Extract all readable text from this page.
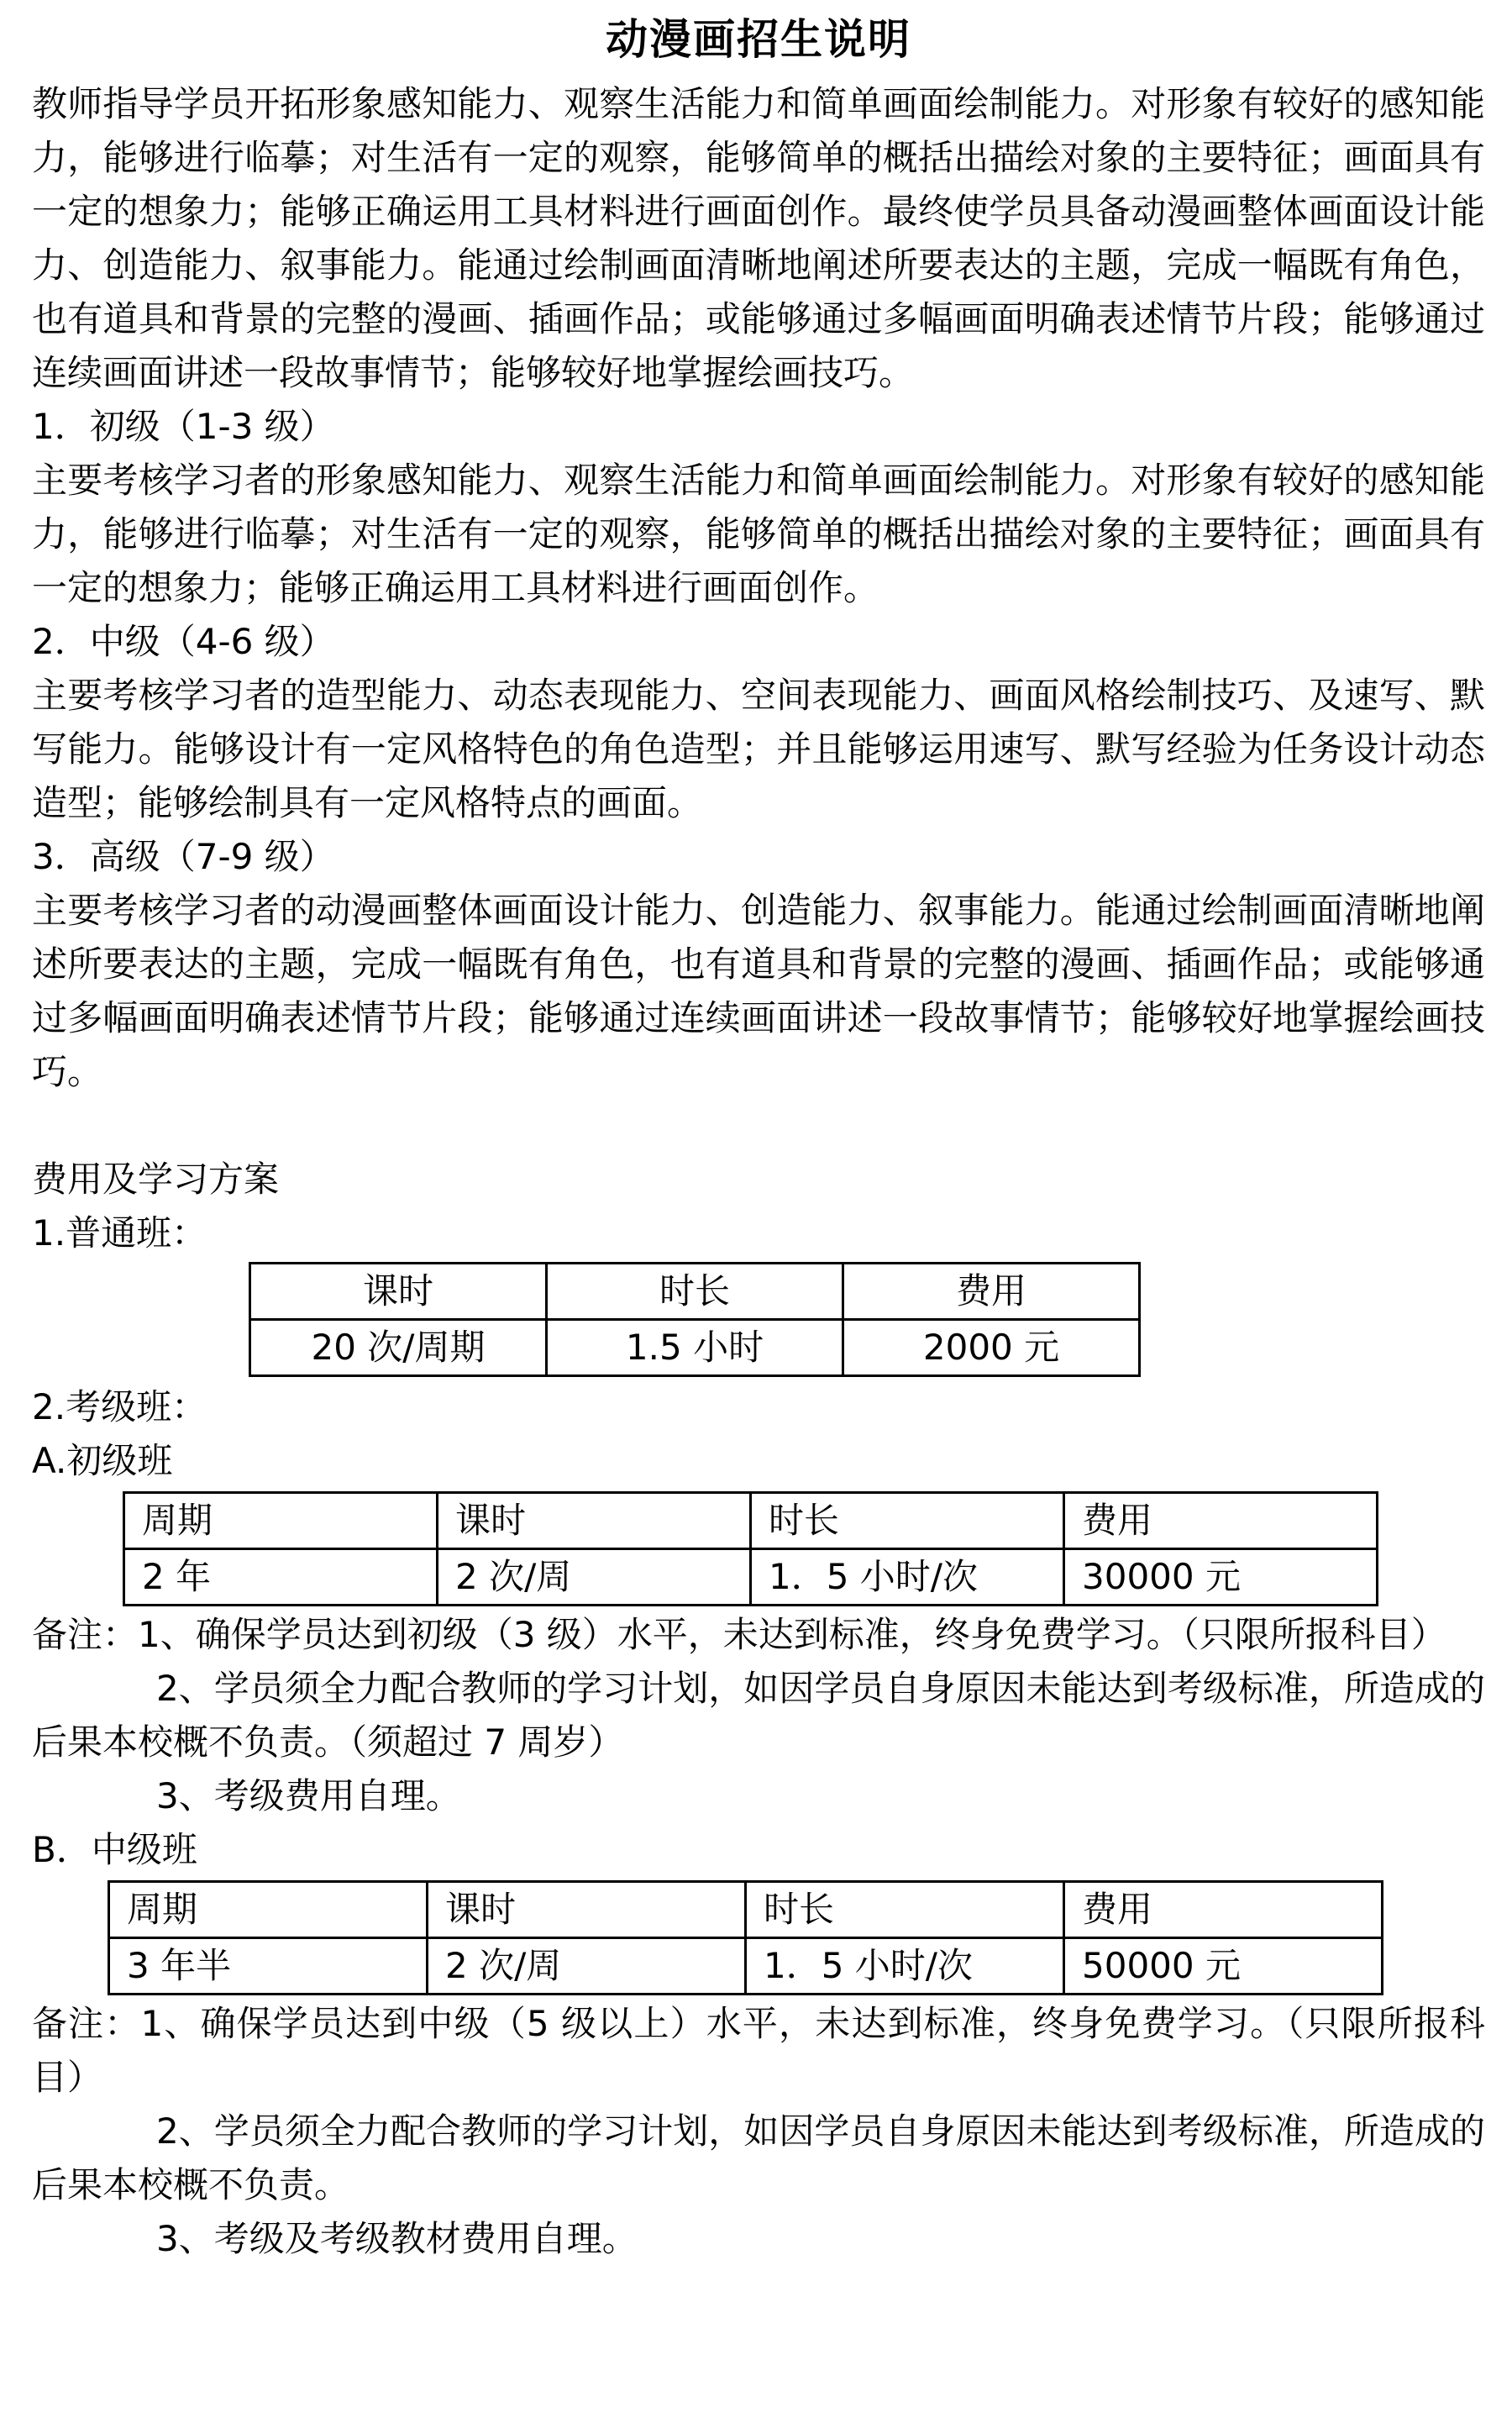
动漫画招生说明

教师指导学员开拓形象感知能力、观察生活能力和简单画面绘制能力。对形象有较好的感知能力，能够进行临摹；对生活有一定的观察，能够简单的概括出描绘对象的主要特征；画面具有一定的想象力；能够正确运用工具材料进行画面创作。最终使学员具备动漫画整体画面设计能力、创造能力、叙事能力。能通过绘制画面清晰地阐述所要表达的主题，完成一幅既有角色，也有道具和背景的完整的漫画、插画作品；或能够通过多幅画面明确表述情节片段；能够通过连续画面讲述一段故事情节；能够较好地掌握绘画技巧。

1．初级（1-3 级）

主要考核学习者的形象感知能力、观察生活能力和简单画面绘制能力。对形象有较好的感知能力，能够进行临摹；对生活有一定的观察，能够简单的概括出描绘对象的主要特征；画面具有一定的想象力；能够正确运用工具材料进行画面创作。

2．中级（4-6 级）

主要考核学习者的造型能力、动态表现能力、空间表现能力、画面风格绘制技巧、及速写、默写能力。能够设计有一定风格特色的角色造型；并且能够运用速写、默写经验为任务设计动态造型；能够绘制具有一定风格特点的画面。

3．高级（7-9 级）

主要考核学习者的动漫画整体画面设计能力、创造能力、叙事能力。能通过绘制画面清晰地阐述所要表达的主题，完成一幅既有角色，也有道具和背景的完整的漫画、插画作品；或能够通过多幅画面明确表述情节片段；能够通过连续画面讲述一段故事情节；能够较好地掌握绘画技巧。

费用及学习方案

1.普通班：

课时	时长	费用
20 次/周期	1.5 小时	2000 元

2.考级班：

A.初级班

周期	课时	时长	费用
2 年	2 次/周	1．5 小时/次	30000 元

备注：1、确保学员达到初级（3 级）水平，未达到标准，终身免费学习。（只限所报科目）

2、学员须全力配合教师的学习计划，如因学员自身原因未能达到考级标准，所造成的后果本校概不负责。（须超过 7 周岁）

3、考级费用自理。

B．中级班

周期	课时	时长	费用
3 年半	2 次/周	1．5 小时/次	50000 元

备注：1、确保学员达到中级（5 级以上）水平，未达到标准，终身免费学习。（只限所报科目）

2、学员须全力配合教师的学习计划，如因学员自身原因未能达到考级标准，所造成的后果本校概不负责。

3、考级及考级教材费用自理。
